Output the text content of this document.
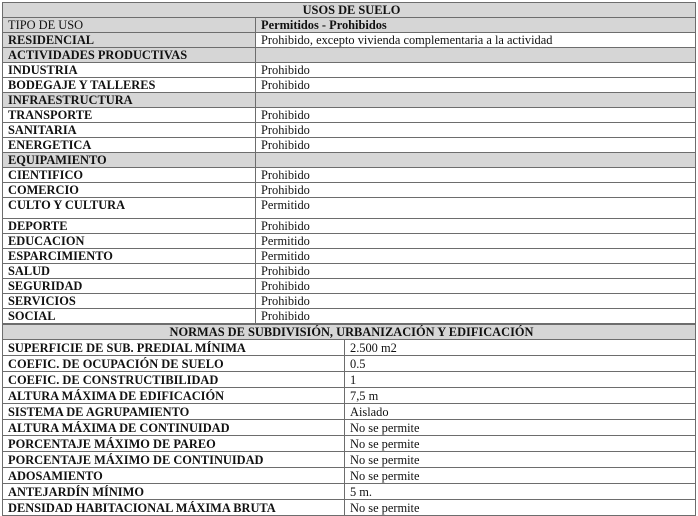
USOS DE SUELO	
TIPO DE USO	Permitidos - Prohibidos
RESIDENCIAL	Prohibido, excepto vivienda complementaria a la actividad
ACTIVIDADES PRODUCTIVAS	
INDUSTRIA	Prohibido
BODEGAJE Y TALLERES	Prohibido
INFRAESTRUCTURA	
TRANSPORTE	Prohibido
SANITARIA	Prohibido
ENERGETICA	Prohibido
EQUIPAMIENTO	
CIENTIFICO	Prohibido
COMERCIO	Prohibido
CULTO Y CULTURA	Permitido
DEPORTE	Prohibido
EDUCACION	Permitido
ESPARCIMIENTO	Permitido
SALUD	Prohibido
SEGURIDAD	Prohibido
SERVICIOS	Prohibido
SOCIAL	Prohibido
NORMAS DE SUBDIVISIÓN, URBANIZACIÓN Y EDIFICACIÓN	
SUPERFICIE DE SUB. PREDIAL MÍNIMA	2.500 m2
COEFIC. DE OCUPACIÓN DE SUELO	0.5
COEFIC. DE CONSTRUCTIBILIDAD	1
ALTURA MÁXIMA DE EDIFICACIÓN	7,5 m
SISTEMA DE AGRUPAMIENTO	Aislado
ALTURA MÁXIMA DE CONTINUIDAD	No se permite
PORCENTAJE MÁXIMO DE PAREO	No se permite
PORCENTAJE MÁXIMO DE CONTINUIDAD	No se permite
ADOSAMIENTO	No se permite
ANTEJARDÍN MÍNIMO	5 m.
DENSIDAD HABITACIONAL MÁXIMA BRUTA	No se permite
